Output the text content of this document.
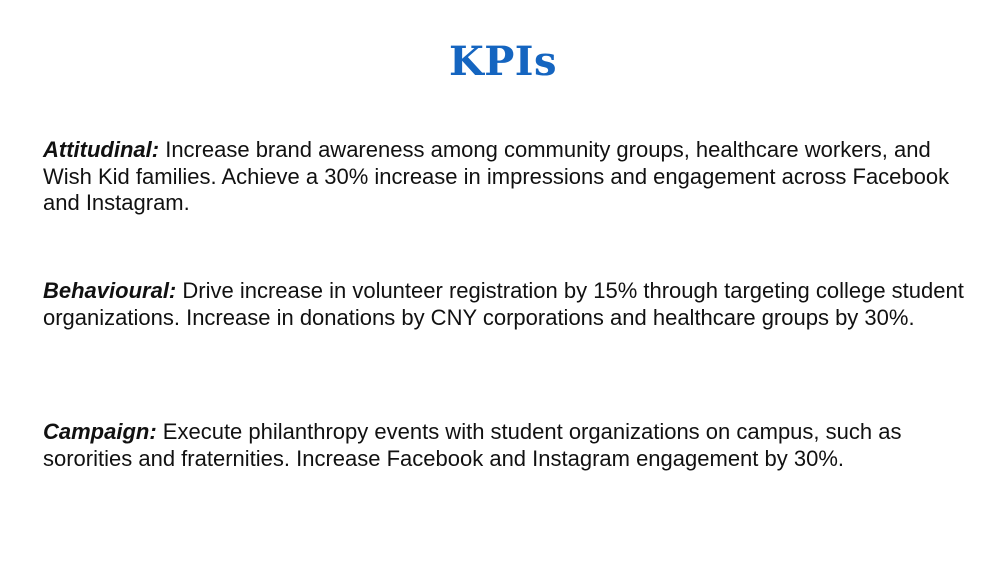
KPIs
Attitudinal: Increase brand awareness among community groups, healthcare workers, and Wish Kid families. Achieve a 30% increase in impressions and engagement across Facebook and Instagram.
Behavioural: Drive increase in volunteer registration by 15% through targeting college student organizations. Increase in donations by CNY corporations and healthcare groups by 30%.
Campaign: Execute philanthropy events with student organizations on campus, such as sororities and fraternities. Increase Facebook and Instagram engagement by 30%.
